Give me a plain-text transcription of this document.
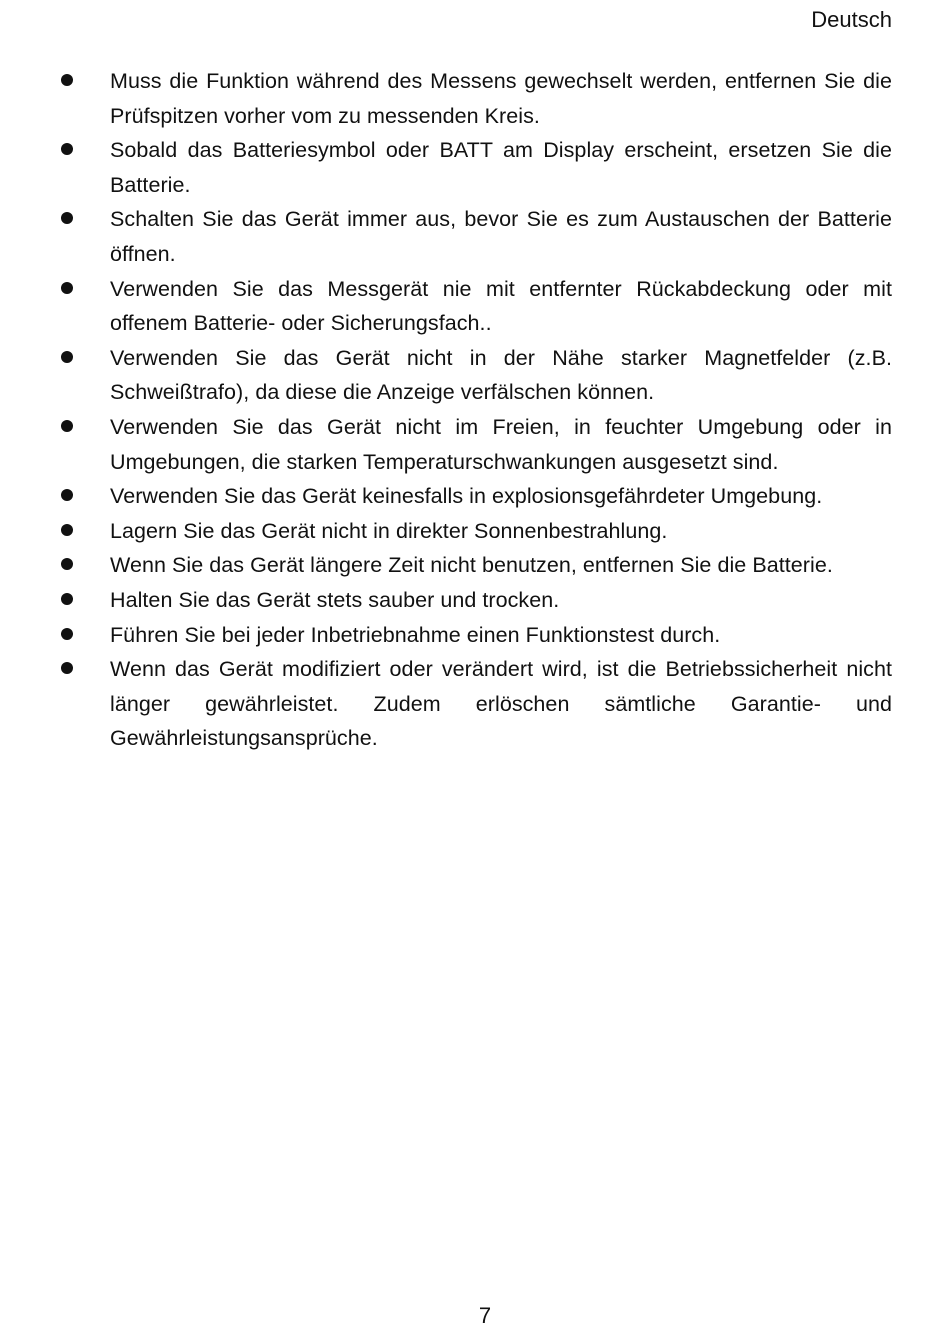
Deutsch
Muss die Funktion während des Messens gewechselt werden, entfernen Sie die Prüfspitzen vorher vom zu messenden Kreis.
Sobald das Batteriesymbol oder BATT am Display erscheint, ersetzen Sie die Batterie.
Schalten Sie das Gerät immer aus, bevor Sie es zum Austauschen der Batterie öffnen.
Verwenden Sie das Messgerät nie mit entfernter Rückabdeckung oder mit offenem Batterie- oder Sicherungsfach..
Verwenden Sie das Gerät nicht in der Nähe starker Magnetfelder (z.B. Schweißtrafo), da diese die Anzeige verfälschen können.
Verwenden Sie das Gerät nicht im Freien, in feuchter Umgebung oder in Umgebungen, die starken Temperaturschwankungen ausgesetzt sind.
Verwenden Sie das Gerät keinesfalls in explosionsgefährdeter Umgebung.
Lagern Sie das Gerät nicht in direkter Sonnenbestrahlung.
Wenn Sie das Gerät längere Zeit nicht benutzen, entfernen Sie die Batterie.
Halten Sie das Gerät stets sauber und trocken.
Führen Sie bei jeder Inbetriebnahme einen Funktionstest durch.
Wenn das Gerät modifiziert oder verändert wird, ist die Betriebssicherheit nicht länger gewährleistet. Zudem erlöschen sämtliche Garantie- und Gewährleistungsansprüche.
7
